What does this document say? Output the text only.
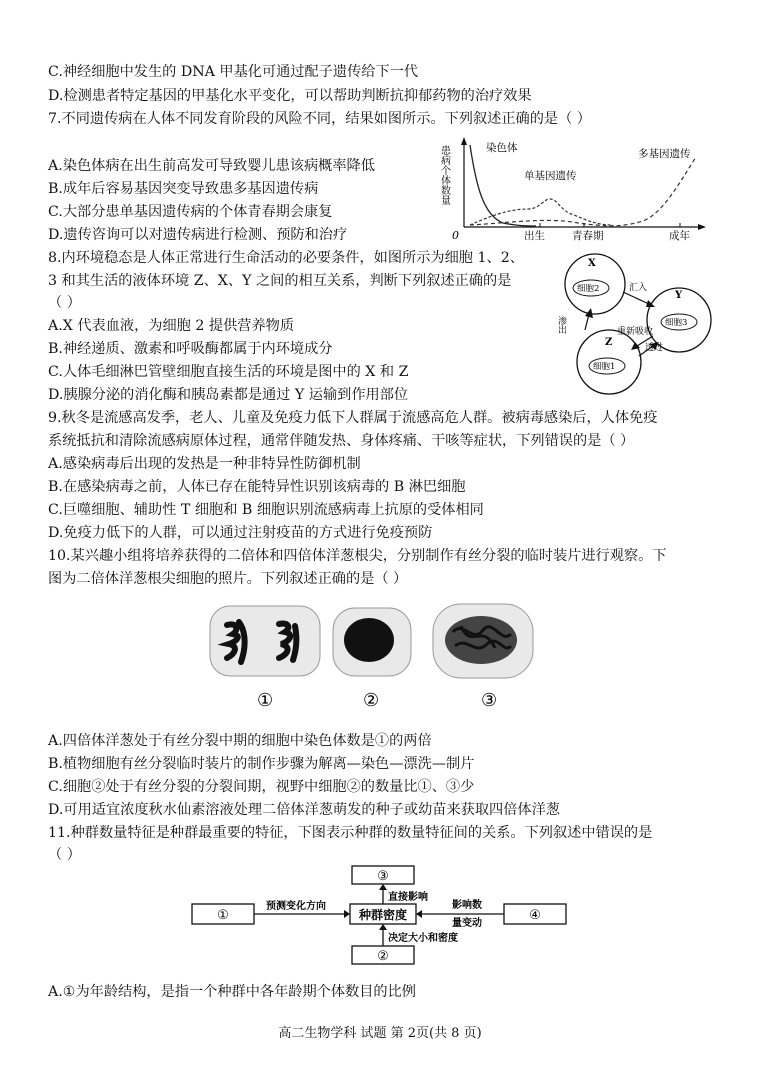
C.神经细胞中发生的 DNA 甲基化可通过配子遗传给下一代
D.检测患者特定基因的甲基化水平变化，可以帮助判断抗抑郁药物的治疗效果
7.不同遗传病在人体不同发育阶段的风险不同，结果如图所示。下列叙述正确的是（ ）
A.染色体病在出生前高发可导致婴儿患该病概率降低
B.成年后容易基因突变导致患多基因遗传病
C.大部分患单基因遗传病的个体青春期会康复
D.遗传咨询可以对遗传病进行检测、预防和治疗
8.内环境稳态是人体正常进行生命活动的必要条件，如图所示为细胞 1、2、
3 和其生活的液体环境 Z、X、Y 之间的相互关系，判断下列叙述正确的是
（ ）
A.X 代表血液，为细胞 2 提供营养物质
B.神经递质、激素和呼吸酶都属于内环境成分
C.人体毛细淋巴管壁细胞直接生活的环境是图中的 X 和 Z
D.胰腺分泌的消化酶和胰岛素都是通过 Y 运输到作用部位
9.秋冬是流感高发季，老人、儿童及免疫力低下人群属于流感高危人群。被病毒感染后，人体免疫
系统抵抗和清除流感病原体过程，通常伴随发热、身体疼痛、干咳等症状，下列错误的是（ ）
A.感染病毒后出现的发热是一种非特异性防御机制
B.在感染病毒之前，人体已存在能特异性识别该病毒的 B 淋巴细胞
C.巨噬细胞、辅助性 T 细胞和 B 细胞识别流感病毒上抗原的受体相同
D.免疫力低下的人群，可以通过注射疫苗的方式进行免疫预防
10.某兴趣小组将培养获得的二倍体和四倍体洋葱根尖，分别制作有丝分裂的临时装片进行观察。下
图为二倍体洋葱根尖细胞的照片。下列叙述正确的是（ ）
A.四倍体洋葱处于有丝分裂中期的细胞中染色体数是①的两倍
B.植物细胞有丝分裂临时装片的制作步骤为解离—染色—漂洗—制片
C.细胞②处于有丝分裂的分裂间期，视野中细胞②的数量比①、③少
D.可用适宜浓度秋水仙素溶液处理二倍体洋葱萌发的种子或幼苗来获取四倍体洋葱
11.种群数量特征是种群最重要的特征，下图表示种群的数量特征间的关系。下列叙述中错误的是
（ ）
A.①为年龄结构，是指一个种群中各年龄期个体数目的比例
患病个体数量
0	出生	青春期	成年
染色体
单基因遗传
多基因遗传
X
Y
Z
细胞2
细胞3
细胞1
汇入
重新吸收
透过
渗出
①	②	③
③
①	种群密度	④
②
直接影响
预测变化方向	影响数
量变动
决定大小和密度
高二生物学科 试题 第 2页(共 8 页)
